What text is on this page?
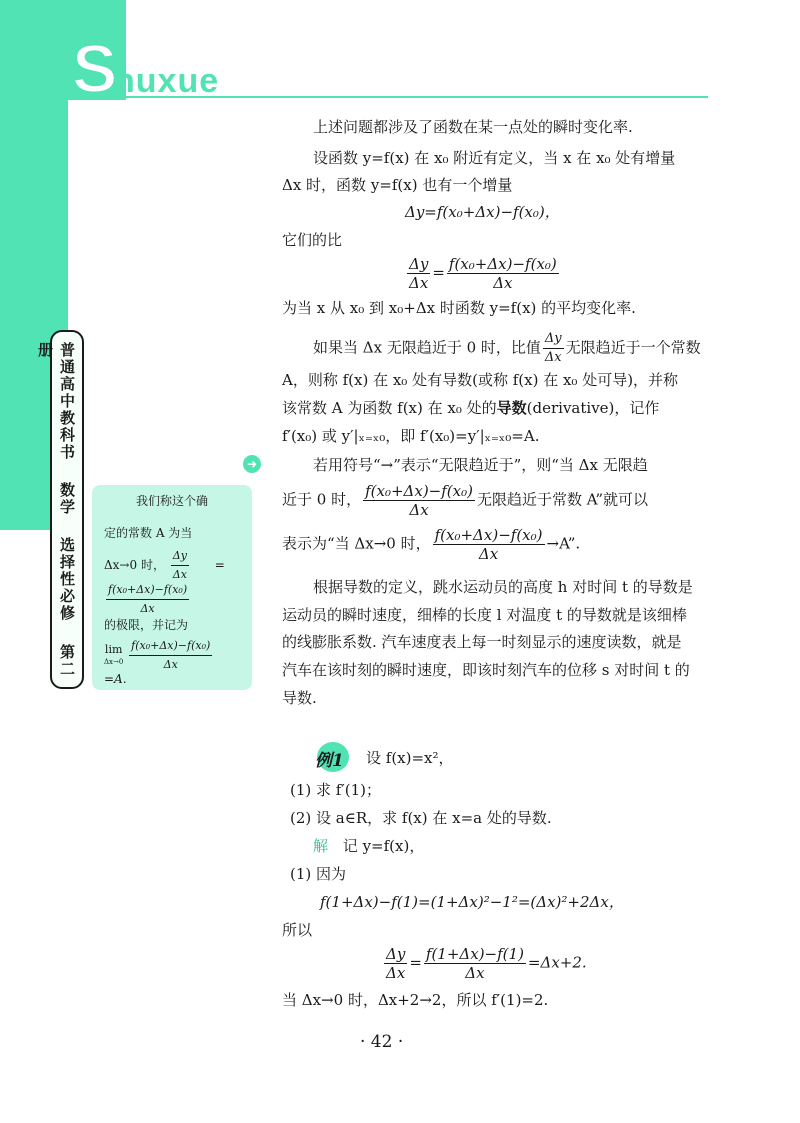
S
huxue
普通高中教科书 数学 选择性必修 第二册
➜
我们称这个确
定的常数 A 为当
Δx→0 时， $\frac{\Delta y}{\Delta x}$ =
$\frac{\text{f(x₀+Δx)−f(x₀)}}{\Delta x}$
的极限，并记为
lim
Δx→0
$\frac{\text{f(x₀+Δx)−f(x₀)}}{\Delta x}$
=A.
上述问题都涉及了函数在某一点处的瞬时变化率.
设函数 y=f(x) 在 x₀ 附近有定义，当 x 在 x₀ 处有增量
Δx 时，函数 y=f(x) 也有一个增量
Δy=f(x₀+Δx)−f(x₀)，
它们的比
$\frac{\Delta y}{\Delta x} = \frac{\text{f(x₀+Δx)−f(x₀)}}{\Delta x}$
为当 x 从 x₀ 到 x₀+Δx 时函数 y=f(x) 的平均变化率.
如果当 Δx 无限趋近于 0 时，比值 $\frac{\Delta y}{\Delta x}$ 无限趋近于一个常数
A，则称 f(x) 在 x₀ 处有导数(或称 f(x) 在 x₀ 处可导)，并称
该常数 A 为函数 f(x) 在 x₀ 处的导数(derivative)，记作
f′(x₀) 或 y′|ₓ₌ₓ₀，即 f′(x₀)=y′|ₓ₌ₓ₀=A.
若用符号“→”表示“无限趋近于”，则“当 Δx 无限趋
近于 0 时， $\frac{\text{f(x₀+Δx)−f(x₀)}}{\Delta x}$ 无限趋近于常数 A”就可以
表示为“当 Δx→0 时， $\frac{\text{f(x₀+Δx)−f(x₀)}}{\Delta x} \to A$”.
根据导数的定义，跳水运动员的高度 h 对时间 t 的导数是
运动员的瞬时速度，细棒的长度 l 对温度 t 的导数就是该细棒
的线膨胀系数. 汽车速度表上每一时刻显示的速度读数，就是
汽车在该时刻的瞬时速度，即该时刻汽车的位移 s 对时间 t 的
导数.
例1 设 f(x)=x²，
(1) 求 f′(1)；
(2) 设 a∈R，求 f(x) 在 x=a 处的导数.
解 记 y=f(x)，
(1) 因为
f(1+Δx)−f(1)=(1+Δx)²−1²=(Δx)²+2Δx，
所以
$\frac{\Delta y}{\Delta x} = \frac{f(1+\Delta x)-f(1)}{\Delta x} =\Delta x+2$.
当 Δx→0 时，Δx+2→2，所以 f′(1)=2.
· 42 ·
